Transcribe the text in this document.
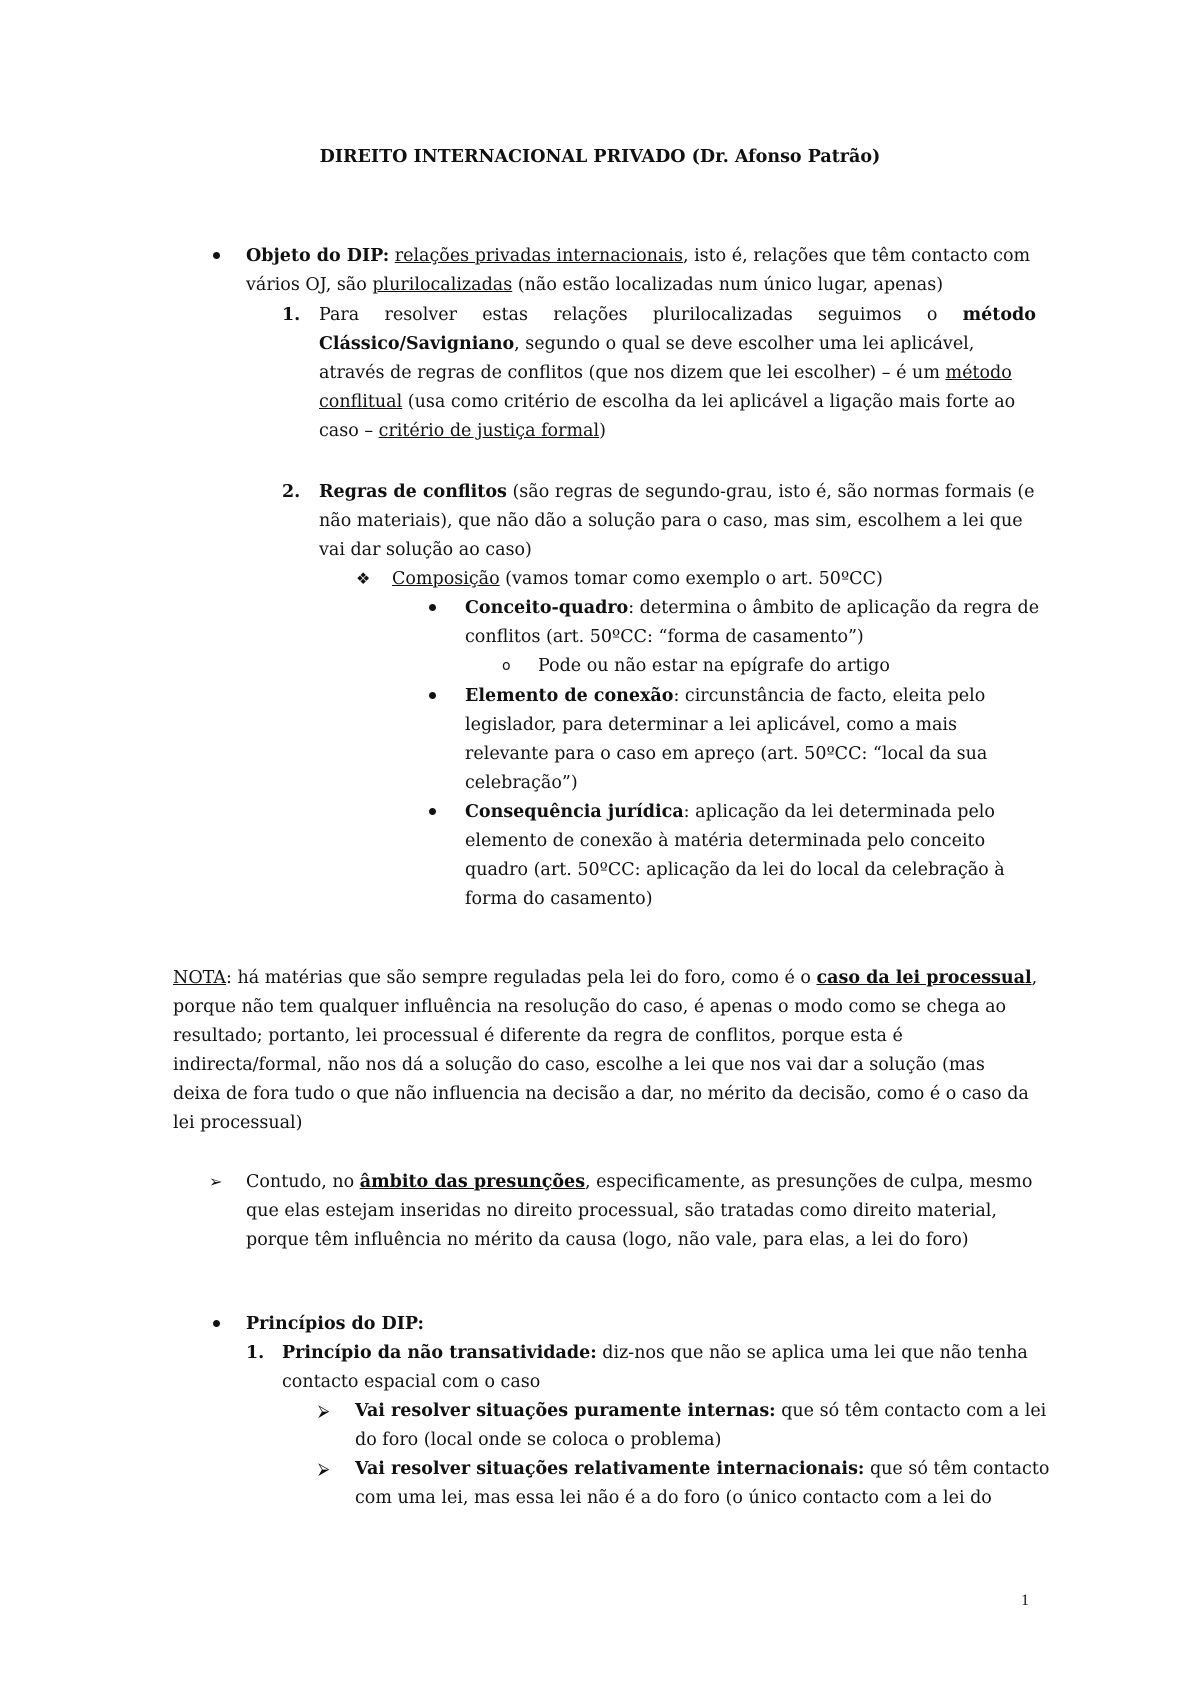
DIREITO INTERNACIONAL PRIVADO (Dr. Afonso Patrão)
Objeto do DIP: relações privadas internacionais, isto é, relações que têm contacto com
vários OJ, são plurilocalizadas (não estão localizadas num único lugar, apenas)
1. Para resolver estas relações plurilocalizadas seguimos o método
Clássico/Savigniano, segundo o qual se deve escolher uma lei aplicável,
através de regras de conflitos (que nos dizem que lei escolher) – é um método
conflitual (usa como critério de escolha da lei aplicável a ligação mais forte ao
caso – critério de justiça formal)
2. Regras de conflitos (são regras de segundo-grau, isto é, são normas formais (e
não materiais), que não dão a solução para o caso, mas sim, escolhem a lei que
vai dar solução ao caso)
❖ Composição (vamos tomar como exemplo o art. 50ºCC)
Conceito-quadro: determina o âmbito de aplicação da regra de
conflitos (art. 50ºCC: “forma de casamento”)
o Pode ou não estar na epígrafe do artigo
Elemento de conexão: circunstância de facto, eleita pelo
legislador, para determinar a lei aplicável, como a mais
relevante para o caso em apreço (art. 50ºCC: “local da sua
celebração”)
Consequência jurídica: aplicação da lei determinada pelo
elemento de conexão à matéria determinada pelo conceito
quadro (art. 50ºCC: aplicação da lei do local da celebração à
forma do casamento)
NOTA: há matérias que são sempre reguladas pela lei do foro, como é o caso da lei processual,
porque não tem qualquer influência na resolução do caso, é apenas o modo como se chega ao
resultado; portanto, lei processual é diferente da regra de conflitos, porque esta é
indirecta/formal, não nos dá a solução do caso, escolhe a lei que nos vai dar a solução (mas
deixa de fora tudo o que não influencia na decisão a dar, no mérito da decisão, como é o caso da
lei processual)
➢ Contudo, no âmbito das presunções, especificamente, as presunções de culpa, mesmo
que elas estejam inseridas no direito processual, são tratadas como direito material,
porque têm influência no mérito da causa (logo, não vale, para elas, a lei do foro)
Princípios do DIP:
1. Princípio da não transatividade: diz-nos que não se aplica uma lei que não tenha
contacto espacial com o caso
⮚ Vai resolver situações puramente internas: que só têm contacto com a lei
do foro (local onde se coloca o problema)
⮚ Vai resolver situações relativamente internacionais: que só têm contacto
com uma lei, mas essa lei não é a do foro (o único contacto com a lei do
1
